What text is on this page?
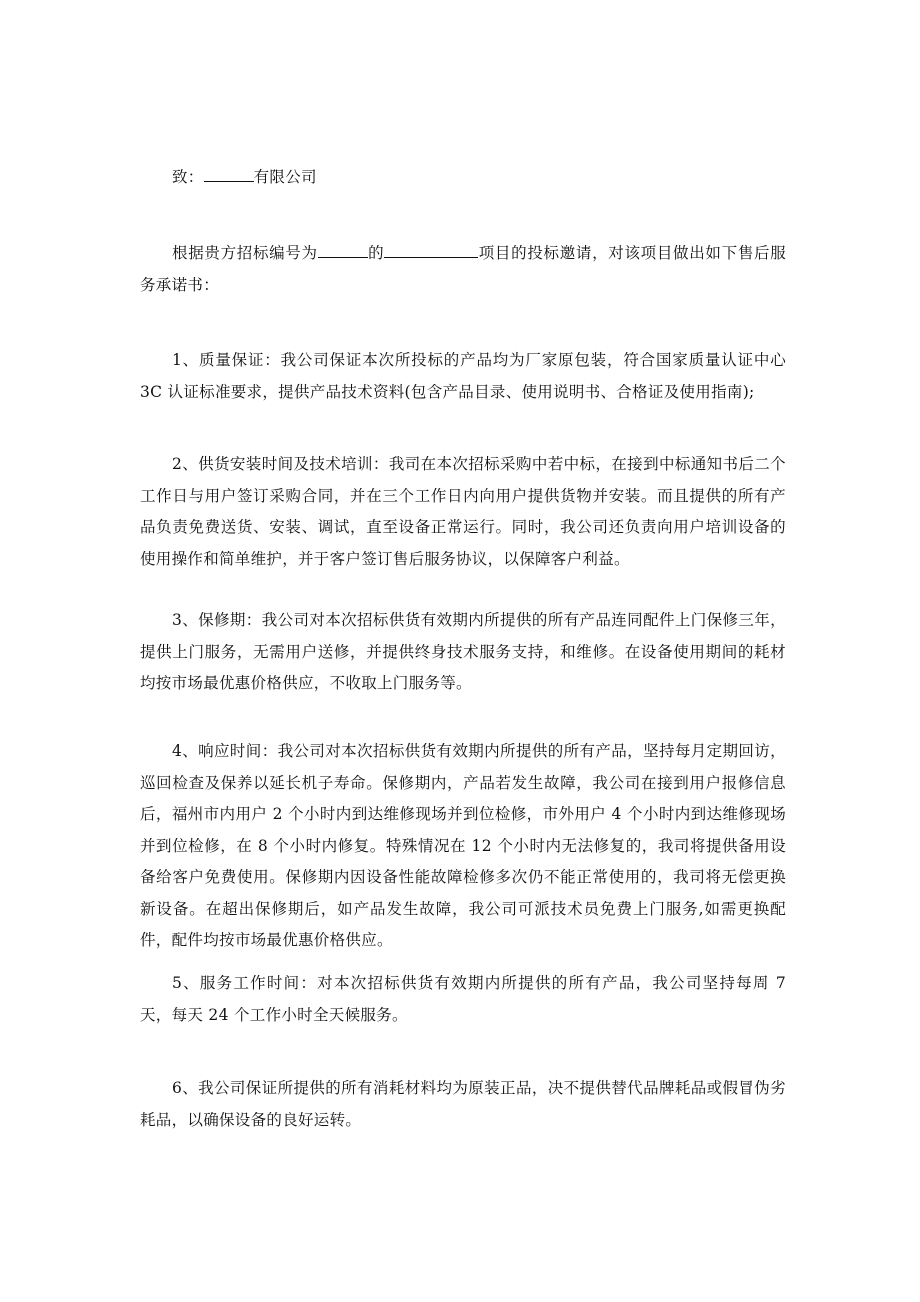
致：	有限公司

根据贵方招标编号为	的	项目的投标邀请，对该项目做出如下售后服务承诺书：

1、质量保证：我公司保证本次所投标的产品均为厂家原包装，符合国家质量认证中心 3C 认证标准要求，提供产品技术资料(包含产品目录、使用说明书、合格证及使用指南);

2、供货安装时间及技术培训：我司在本次招标采购中若中标，在接到中标通知书后二个工作日与用户签订采购合同，并在三个工作日内向用户提供货物并安装。而且提供的所有产品负责免费送货、安装、调试，直至设备正常运行。同时，我公司还负责向用户培训设备的使用操作和简单维护，并于客户签订售后服务协议，以保障客户利益。

3、保修期：我公司对本次招标供货有效期内所提供的所有产品连同配件上门保修三年，提供上门服务，无需用户送修，并提供终身技术服务支持，和维修。在设备使用期间的耗材均按市场最优惠价格供应，不收取上门服务等。

4、响应时间：我公司对本次招标供货有效期内所提供的所有产品，坚持每月定期回访，巡回检查及保养以延长机子寿命。保修期内，产品若发生故障，我公司在接到用户报修信息后，福州市内用户 2 个小时内到达维修现场并到位检修，市外用户 4 个小时内到达维修现场并到位检修，在 8 个小时内修复。特殊情况在 12 个小时内无法修复的，我司将提供备用设备给客户免费使用。保修期内因设备性能故障检修多次仍不能正常使用的，我司将无偿更换新设备。在超出保修期后，如产品发生故障，我公司可派技术员免费上门服务,如需更换配件，配件均按市场最优惠价格供应。

5、服务工作时间：对本次招标供货有效期内所提供的所有产品，我公司坚持每周 7 天，每天 24 个工作小时全天候服务。

6、我公司保证所提供的所有消耗材料均为原装正品，决不提供替代品牌耗品或假冒伪劣耗品，以确保设备的良好运转。
